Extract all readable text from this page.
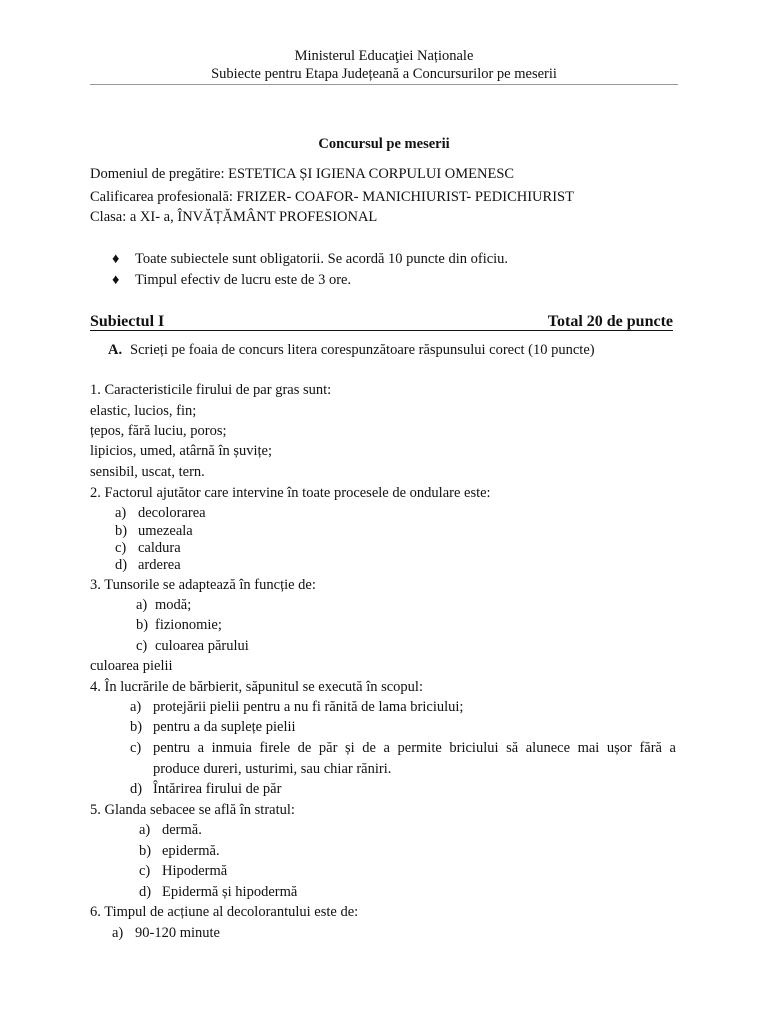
Ministerul Educaţiei Naționale
Subiecte pentru Etapa Județeană a Concursurilor pe meserii
Concursul pe meserii
Domeniul de pregătire: ESTETICA ȘI IGIENA CORPULUI OMENESC
Calificarea profesională: FRIZER- COAFOR- MANICHIURIST- PEDICHIURIST
Clasa: a XI- a, ÎNVĂȚĂMÂNT PROFESIONAL
♦ Toate subiectele sunt obligatorii. Se acordă 10 puncte din oficiu.
♦ Timpul efectiv de lucru este de 3 ore.
Subiectul I	Total 20 de puncte
A. Scrieți pe foaia de concurs litera corespunzătoare răspunsului corect (10 puncte)
1. Caracteristicile firului de par gras sunt:
elastic, lucios, fin;
țepos, fără luciu, poros;
lipicios, umed, atârnă în șuvițe;
sensibil, uscat, tern.
2. Factorul ajutător care intervine în toate procesele de ondulare este:
a) decolorarea
b) umezeala
c) caldura
d) arderea
3. Tunsorile se adaptează în funcție de:
a) modă;
b) fizionomie;
c) culoarea părului
culoarea pielii
4. În lucrările de bărbierit, săpunitul se execută în scopul:
a) protejării pielii pentru a nu fi rănită de lama briciului;
b) pentru a da suplețe pielii
c) pentru a inmuia firele de păr și de a permite briciului să alunece mai ușor fără a
produce dureri, usturimi, sau chiar răniri.
d) Întărirea firului de păr
5. Glanda sebacee se află în stratul:
a) dermă.
b) epidermă.
c) Hipodermă
d) Epidermă și hipodermă
6. Timpul de acțiune al decolorantului este de:
a) 90-120 minute
